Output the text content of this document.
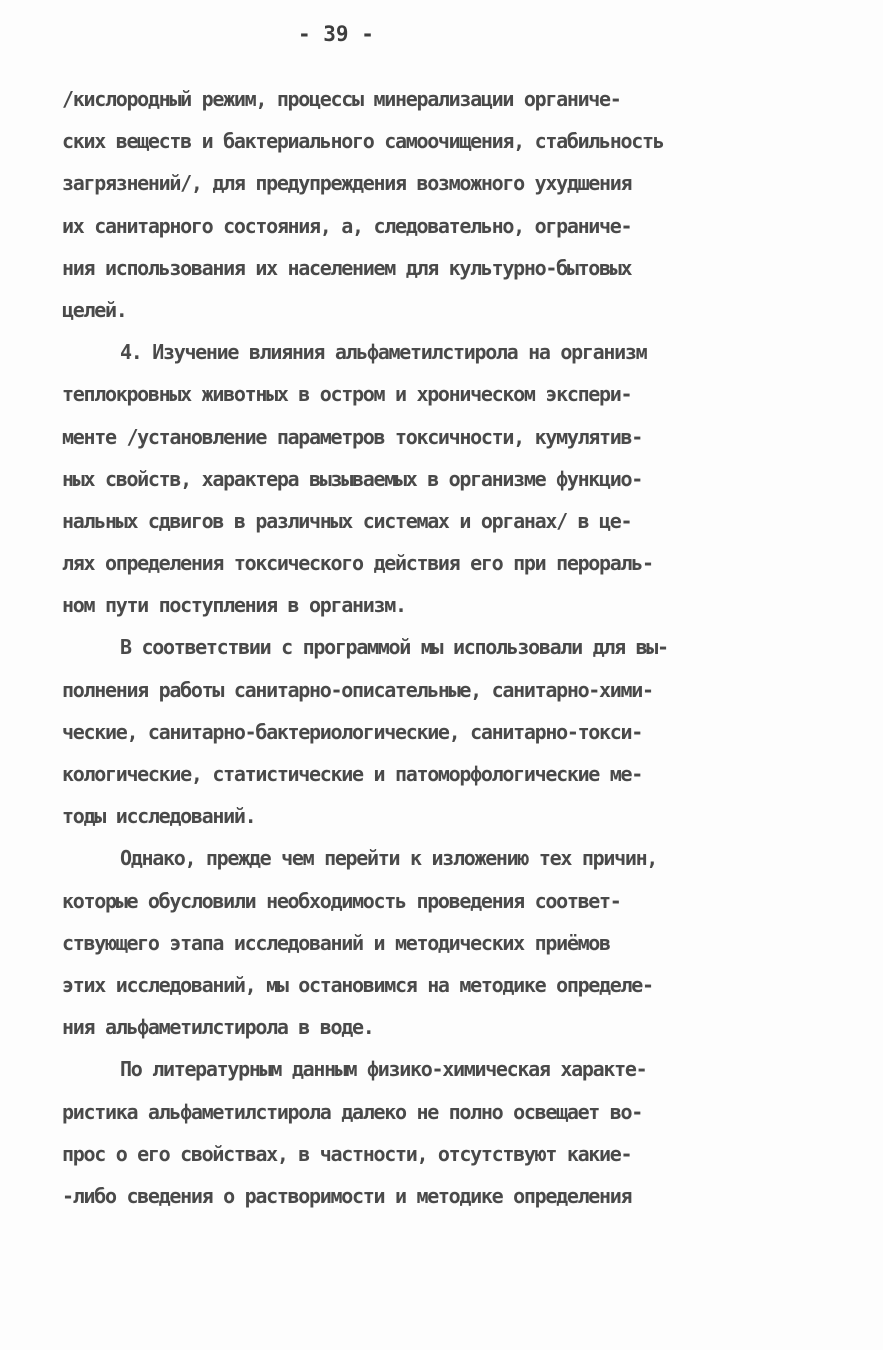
- 39 -
/кислородный режим, процессы минерализации органиче-
ских веществ и бактериального самоочищения, стабильность
загрязнений/, для предупреждения возможного ухудшения
их санитарного состояния, а, следовательно, ограниче-
ния использования их населением для культурно-бытовых
целей.
4. Изучение влияния альфаметилстирола на организм
теплокровных животных в остром и хроническом экспери-
менте /установление параметров токсичности, кумулятив-
ных свойств, характера вызываемых в организме функцио-
нальных сдвигов в различных системах и органах/ в це-
лях определения токсического действия его при перораль-
ном пути поступления в организм.
В соответствии с программой мы использовали для вы-
полнения работы санитарно-описательные, санитарно-хими-
ческие, санитарно-бактериологические, санитарно-токси-
кологические, статистические и патоморфологические ме-
тоды исследований.
Однако, прежде чем перейти к изложению тех причин,
которые обусловили необходимость проведения соответ-
ствующего этапа исследований и методических приёмов
этих исследований, мы остановимся на методике определе-
ния альфаметилстирола в воде.
По литературным данным физико-химическая характе-
ристика альфаметилстирола далеко не полно освещает во-
прос о его свойствах, в частности, отсутствуют какие-
-либо сведения о растворимости и методике определения
